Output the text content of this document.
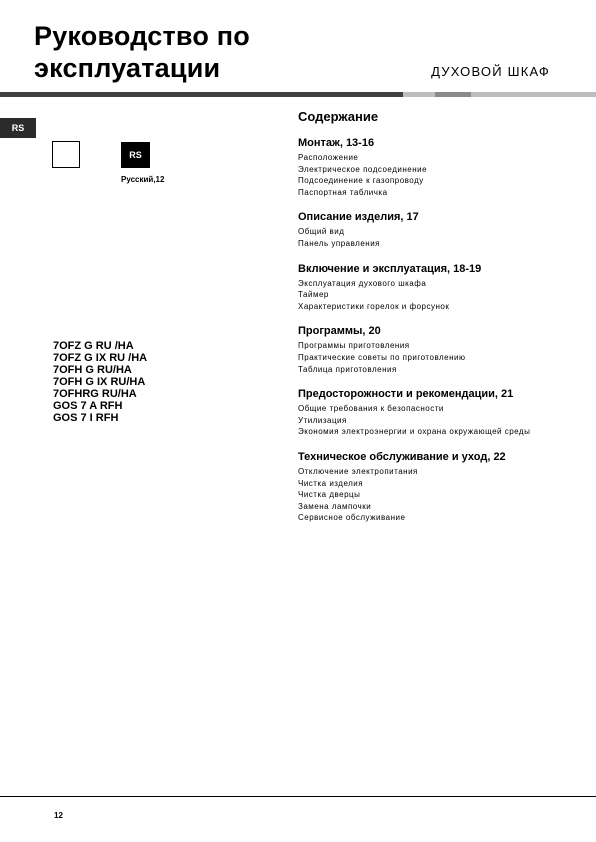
Руководство по
эксплуатации	ДУХОВОЙ ШКАФ
RS
RS
Русский,12
7OFZ G RU /HA
7OFZ G IX RU /HA
7OFH G RU/HA
7OFH G IX RU/HA
7OFHRG RU/HA
GOS 7 A RFH
GOS 7 I RFH
Содержание
Монтаж, 13-16
Расположение
Электрическое подсоединение
Подсоединение к газопроводу
Паспортная табличка
Описание изделия, 17
Общий вид
Панель управления
Включение и эксплуатация, 18-19
Эксплуатация духового шкафа
Таймер
Характеристики горелок и форсунок
Программы, 20
Программы приготовления
Практические советы по приготовлению
Таблица приготовления
Предосторожности и рекомендации, 21
Общие требования к безопасности
Утилизация
Экономия электроэнергии и охрана окружающей среды
Техническое обслуживание и уход, 22
Отключение электропитания
Чистка изделия
Чистка дверцы
Замена лампочки
Сервисное обслуживание
12
